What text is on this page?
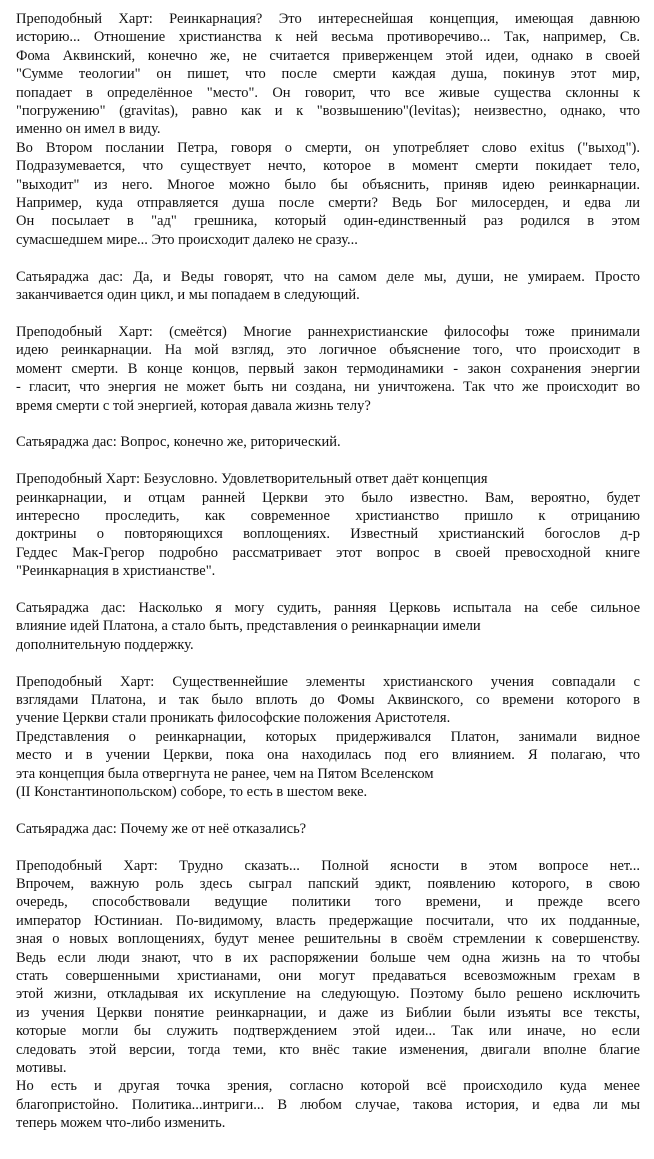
Преподобный Харт: Реинкарнация? Это интереснейшая концепция, имеющая давнюю
историю... Отношение христианства к ней весьма противоречиво... Так, например, Св.
Фома Аквинский, конечно же, не считается приверженцем этой идеи, однако в своей
"Сумме теологии" он пишет, что после смерти каждая душа, покинув этот мир,
попадает в определённое "место". Он говорит, что все живые существа склонны к
"погружению" (gravitas), равно как и к "возвышению"(levitas); неизвестно, однако, что
именно он имел в виду.
Во Втором послании Петра, говоря о смерти, он употребляет слово exitus ("выход").
Подразумевается, что существует нечто, которое в момент смерти покидает тело,
"выходит" из него. Многое можно было бы объяснить, приняв идею реинкарнации.
Например, куда отправляется душа после смерти? Ведь Бог милосерден, и едва ли
Он посылает в "ад" грешника, который один-единственный раз родился в этом
сумасшедшем мире... Это происходит далеко не сразу...
Сатьяраджа дас: Да, и Веды говорят, что на самом деле мы, души, не умираем. Просто
заканчивается один цикл, и мы попадаем в следующий.
Преподобный Харт: (смеётся) Многие раннехристианские философы тоже принимали
идею реинкарнации. На мой взгляд, это логичное объяснение того, что происходит в
момент смерти. В конце концов, первый закон термодинамики - закон сохранения энергии
- гласит, что энергия не может быть ни создана, ни уничтожена. Так что же происходит во
время смерти с той энергией, которая давала жизнь телу?
Сатьяраджа дас: Вопрос, конечно же, риторический.
Преподобный Харт: Безусловно. Удовлетворительный ответ даёт концепция
реинкарнации, и отцам ранней Церкви это было известно. Вам, вероятно, будет
интересно проследить, как современное христианство пришло к отрицанию
доктрины о повторяющихся воплощениях. Известный христианский богослов д-р
Геддес Мак-Грегор подробно рассматривает этот вопрос в своей превосходной книге
"Реинкарнация в христианстве".
Сатьяраджа дас: Насколько я могу судить, ранняя Церковь испытала на себе сильное
влияние идей Платона, а стало быть, представления о реинкарнации имели
дополнительную поддержку.
Преподобный Харт: Существеннейшие элементы христианского учения совпадали с
взглядами Платона, и так было вплоть до Фомы Аквинского, со времени которого в
учение Церкви стали проникать философские положения Аристотеля.
Представления о реинкарнации, которых придерживался Платон, занимали видное
место и в учении Церкви, пока она находилась под его влиянием. Я полагаю, что
эта концепция была отвергнута не ранее, чем на Пятом Вселенском
(II Константинопольском) соборе, то есть в шестом веке.
Сатьяраджа дас: Почему же от неё отказались?
Преподобный Харт: Трудно сказать... Полной ясности в этом вопросе нет...
Впрочем, важную роль здесь сыграл папский эдикт, появлению которого, в свою
очередь, способствовали ведущие политики того времени, и прежде всего
император Юстиниан. По-видимому, власть предержащие посчитали, что их подданные,
зная о новых воплощениях, будут менее решительны в своём стремлении к совершенству.
Ведь если люди знают, что в их распоряжении больше чем одна жизнь на то чтобы
стать совершенными христианами, они могут предаваться всевозможным грехам в
этой жизни, откладывая их искупление на следующую. Поэтому было решено исключить
из учения Церкви понятие реинкарнации, и даже из Библии были изъяты все тексты,
которые могли бы служить подтверждением этой идеи... Так или иначе, но если
следовать этой версии, тогда теми, кто внёс такие изменения, двигали вполне благие
мотивы.
Но есть и другая точка зрения, согласно которой всё происходило куда менее
благопристойно. Политика...интриги... В любом случае, такова история, и едва ли мы
теперь можем что-либо изменить.
